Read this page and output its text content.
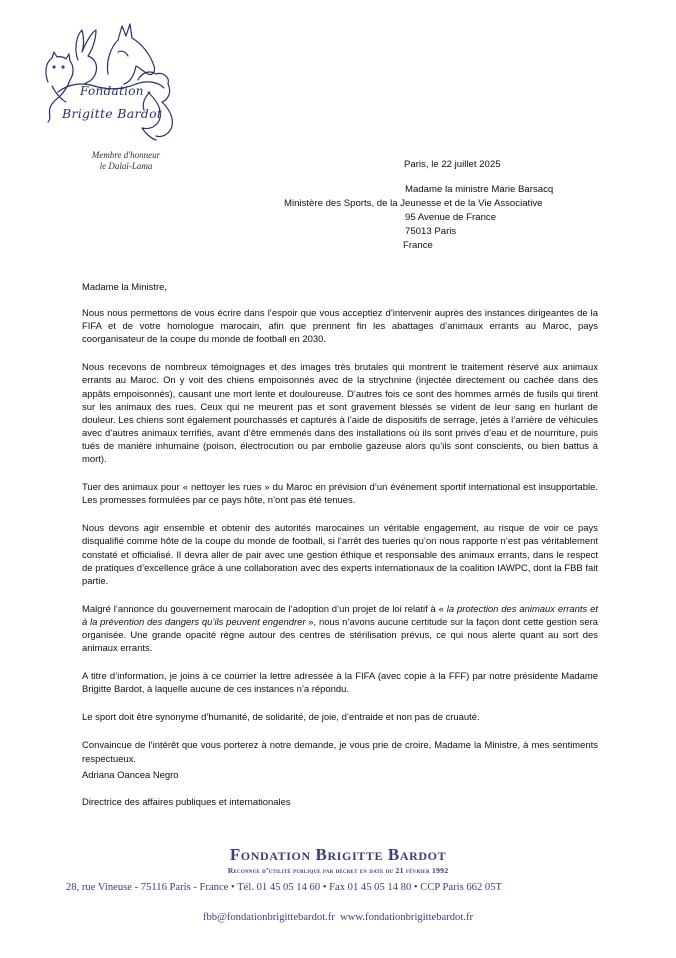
Fondation
Brigitte Bardot
Membre d'honneur
le Dalaï-Lama	Paris, le 22 juillet 2025
Madame la ministre Marie Barsacq
Ministère des Sports, de la Jeunesse et de la Vie Associative
95 Avenue de France
75013 Paris
France

Madame la Ministre,

Nous nous permettons de vous écrire dans l’espoir que vous acceptiez d’intervenir auprès des instances dirigeantes de la FIFA et de votre homologue marocain, afin que prennent fin les abattages d’animaux errants au Maroc, pays coorganisateur de la coupe du monde de football en 2030.

Nous recevons de nombreux témoignages et des images très brutales qui montrent le traitement réservé aux animaux errants au Maroc. On y voit des chiens empoisonnés avec de la strychnine (injectée directement ou cachée dans des appâts empoisonnés), causant une mort lente et douloureuse. D’autres fois ce sont des hommes armés de fusils qui tirent sur les animaux des rues. Ceux qui ne meurent pas et sont gravement blessés se vident de leur sang en hurlant de douleur. Les chiens sont également pourchassés et capturés à l’aide de dispositifs de serrage, jetés à l’arrière de véhicules avec d’autres animaux terrifiés, avant d’être emmenés dans des installations où ils sont privés d’eau et de nourriture, puis tués de manière inhumaine (poison, électrocution ou par embolie gazeuse alors qu’ils sont conscients, ou bien battus à mort).

Tuer des animaux pour « nettoyer les rues » du Maroc en prévision d’un événement sportif international est insupportable. Les promesses formulées par ce pays hôte, n’ont pas été tenues.

Nous devons agir ensemble et obtenir des autorités marocaines un véritable engagement, au risque de voir ce pays disqualifié comme hôte de la coupe du monde de football, si l’arrêt des tueries qu’on nous rapporte n’est pas véritablement constaté et officialisé. Il devra aller de pair avec une gestion éthique et responsable des animaux errants, dans le respect de pratiques d’excellence grâce à une collaboration avec des experts internationaux de la coalition IAWPC, dont la FBB fait partie.

Malgré l’annonce du gouvernement marocain de l’adoption d’un projet de loi relatif à « la protection des animaux errants et à la prévention des dangers qu’ils peuvent engendrer », nous n’avons aucune certitude sur la façon dont cette gestion sera organisée. Une grande opacité règne autour des centres de stérilisation prévus, ce qui nous alerte quant au sort des animaux errants.

A titre d’information, je joins à ce courrier la lettre adressée à la FIFA (avec copie à la FFF) par notre présidente Madame Brigitte Bardot, à laquelle aucune de ces instances n’a répondu.

Le sport doit être synonyme d’humanité, de solidarité, de joie, d’entraide et non pas de cruauté.

Convaincue de l’intérêt que vous porterez à notre demande, je vous prie de croire, Madame la Ministre, à mes sentiments respectueux.

Adriana Oancea Negro

Directrice des affaires publiques et internationales

Fondation Brigitte Bardot
Reconnue d’utilité publique par décret en date du 21 février 1992
28, rue Vineuse - 75116 Paris - France • Tél. 01 45 05 14 60 • Fax 01 45 05 14 80 • CCP Paris 662 05T
fbb@fondationbrigittebardot.fr  www.fondationbrigittebardot.fr
